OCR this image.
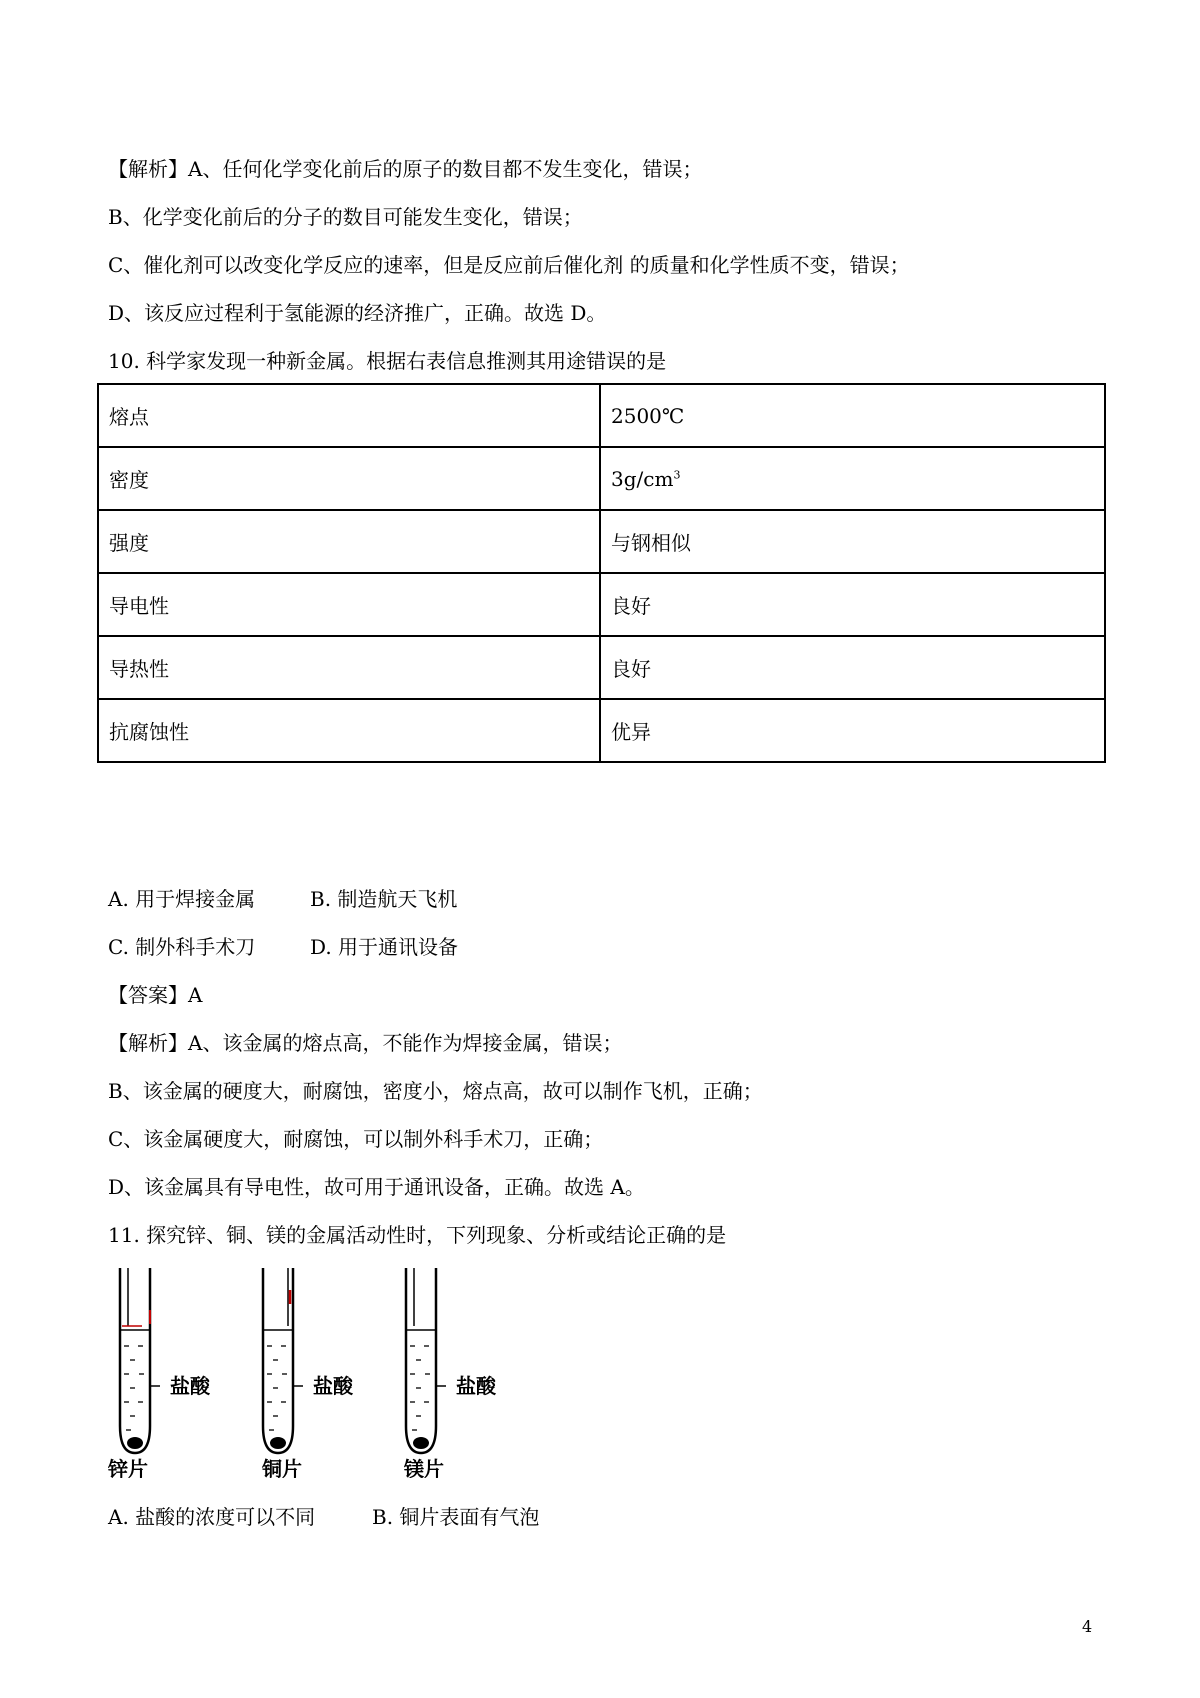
【解析】A、任何化学变化前后的原子的数目都不发生变化，错误；
B、化学变化前后的分子的数目可能发生变化，错误；
C、催化剂可以改变化学反应的速率，但是反应前后催化剂 的质量和化学性质不变，错误；
D、该反应过程利于氢能源的经济推广，正确。故选 D。
10. 科学家发现一种新金属。根据右表信息推测其用途错误的是
熔点	2500℃
密度	$3g/cm^3$
强度	与钢相似
导电性	良好
导热性	良好
抗腐蚀性	优异
A. 用于焊接金属	B. 制造航天飞机
C. 制外科手术刀	D. 用于通讯设备
【答案】A
【解析】A、该金属的熔点高，不能作为焊接金属，错误；
B、该金属的硬度大，耐腐蚀，密度小，熔点高，故可以制作飞机，正确；
C、该金属硬度大，耐腐蚀，可以制外科手术刀，正确；
D、该金属具有导电性，故可用于通讯设备，正确。故选 A。
11. 探究锌、铜、镁的金属活动性时，下列现象、分析或结论正确的是
盐酸
锌片
盐酸
铜片
盐酸
镁片
A. 盐酸的浓度可以不同	B. 铜片表面有气泡
4
